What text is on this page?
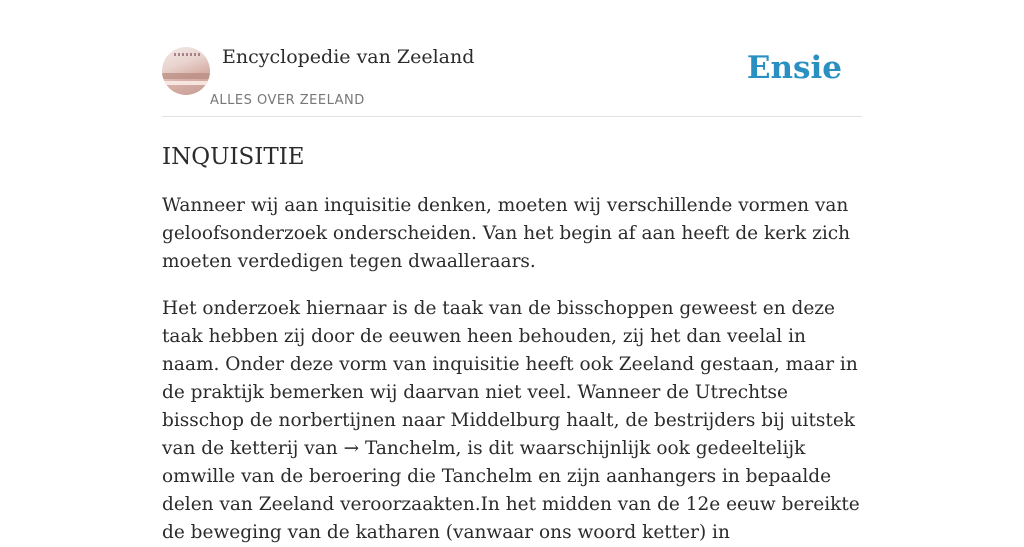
Encyclopedie van Zeeland
ALLES OVER ZEELAND
Ensie
INQUISITIE

Wanneer wij aan inquisitie denken, moeten wij verschillende vormen van geloofsonderzoek onderscheiden. Van het begin af aan heeft de kerk zich moeten verdedigen tegen dwaalleraars.

Het onderzoek hiernaar is de taak van de bisschoppen geweest en deze taak hebben zij door de eeuwen heen behouden, zij het dan veelal in naam. Onder deze vorm van inquisitie heeft ook Zeeland gestaan, maar in de praktijk bemerken wij daarvan niet veel. Wanneer de Utrechtse bisschop de norbertijnen naar Middelburg haalt, de bestrijders bij uitstek van de ketterij van → Tanchelm, is dit waarschijnlijk ook gedeeltelijk omwille van de beroering die Tanchelm en zijn aanhangers in bepaalde delen van Zeeland veroorzaakten.In het midden van de 12e eeuw bereikte de beweging van de katharen (vanwaar ons woord ketter) in
